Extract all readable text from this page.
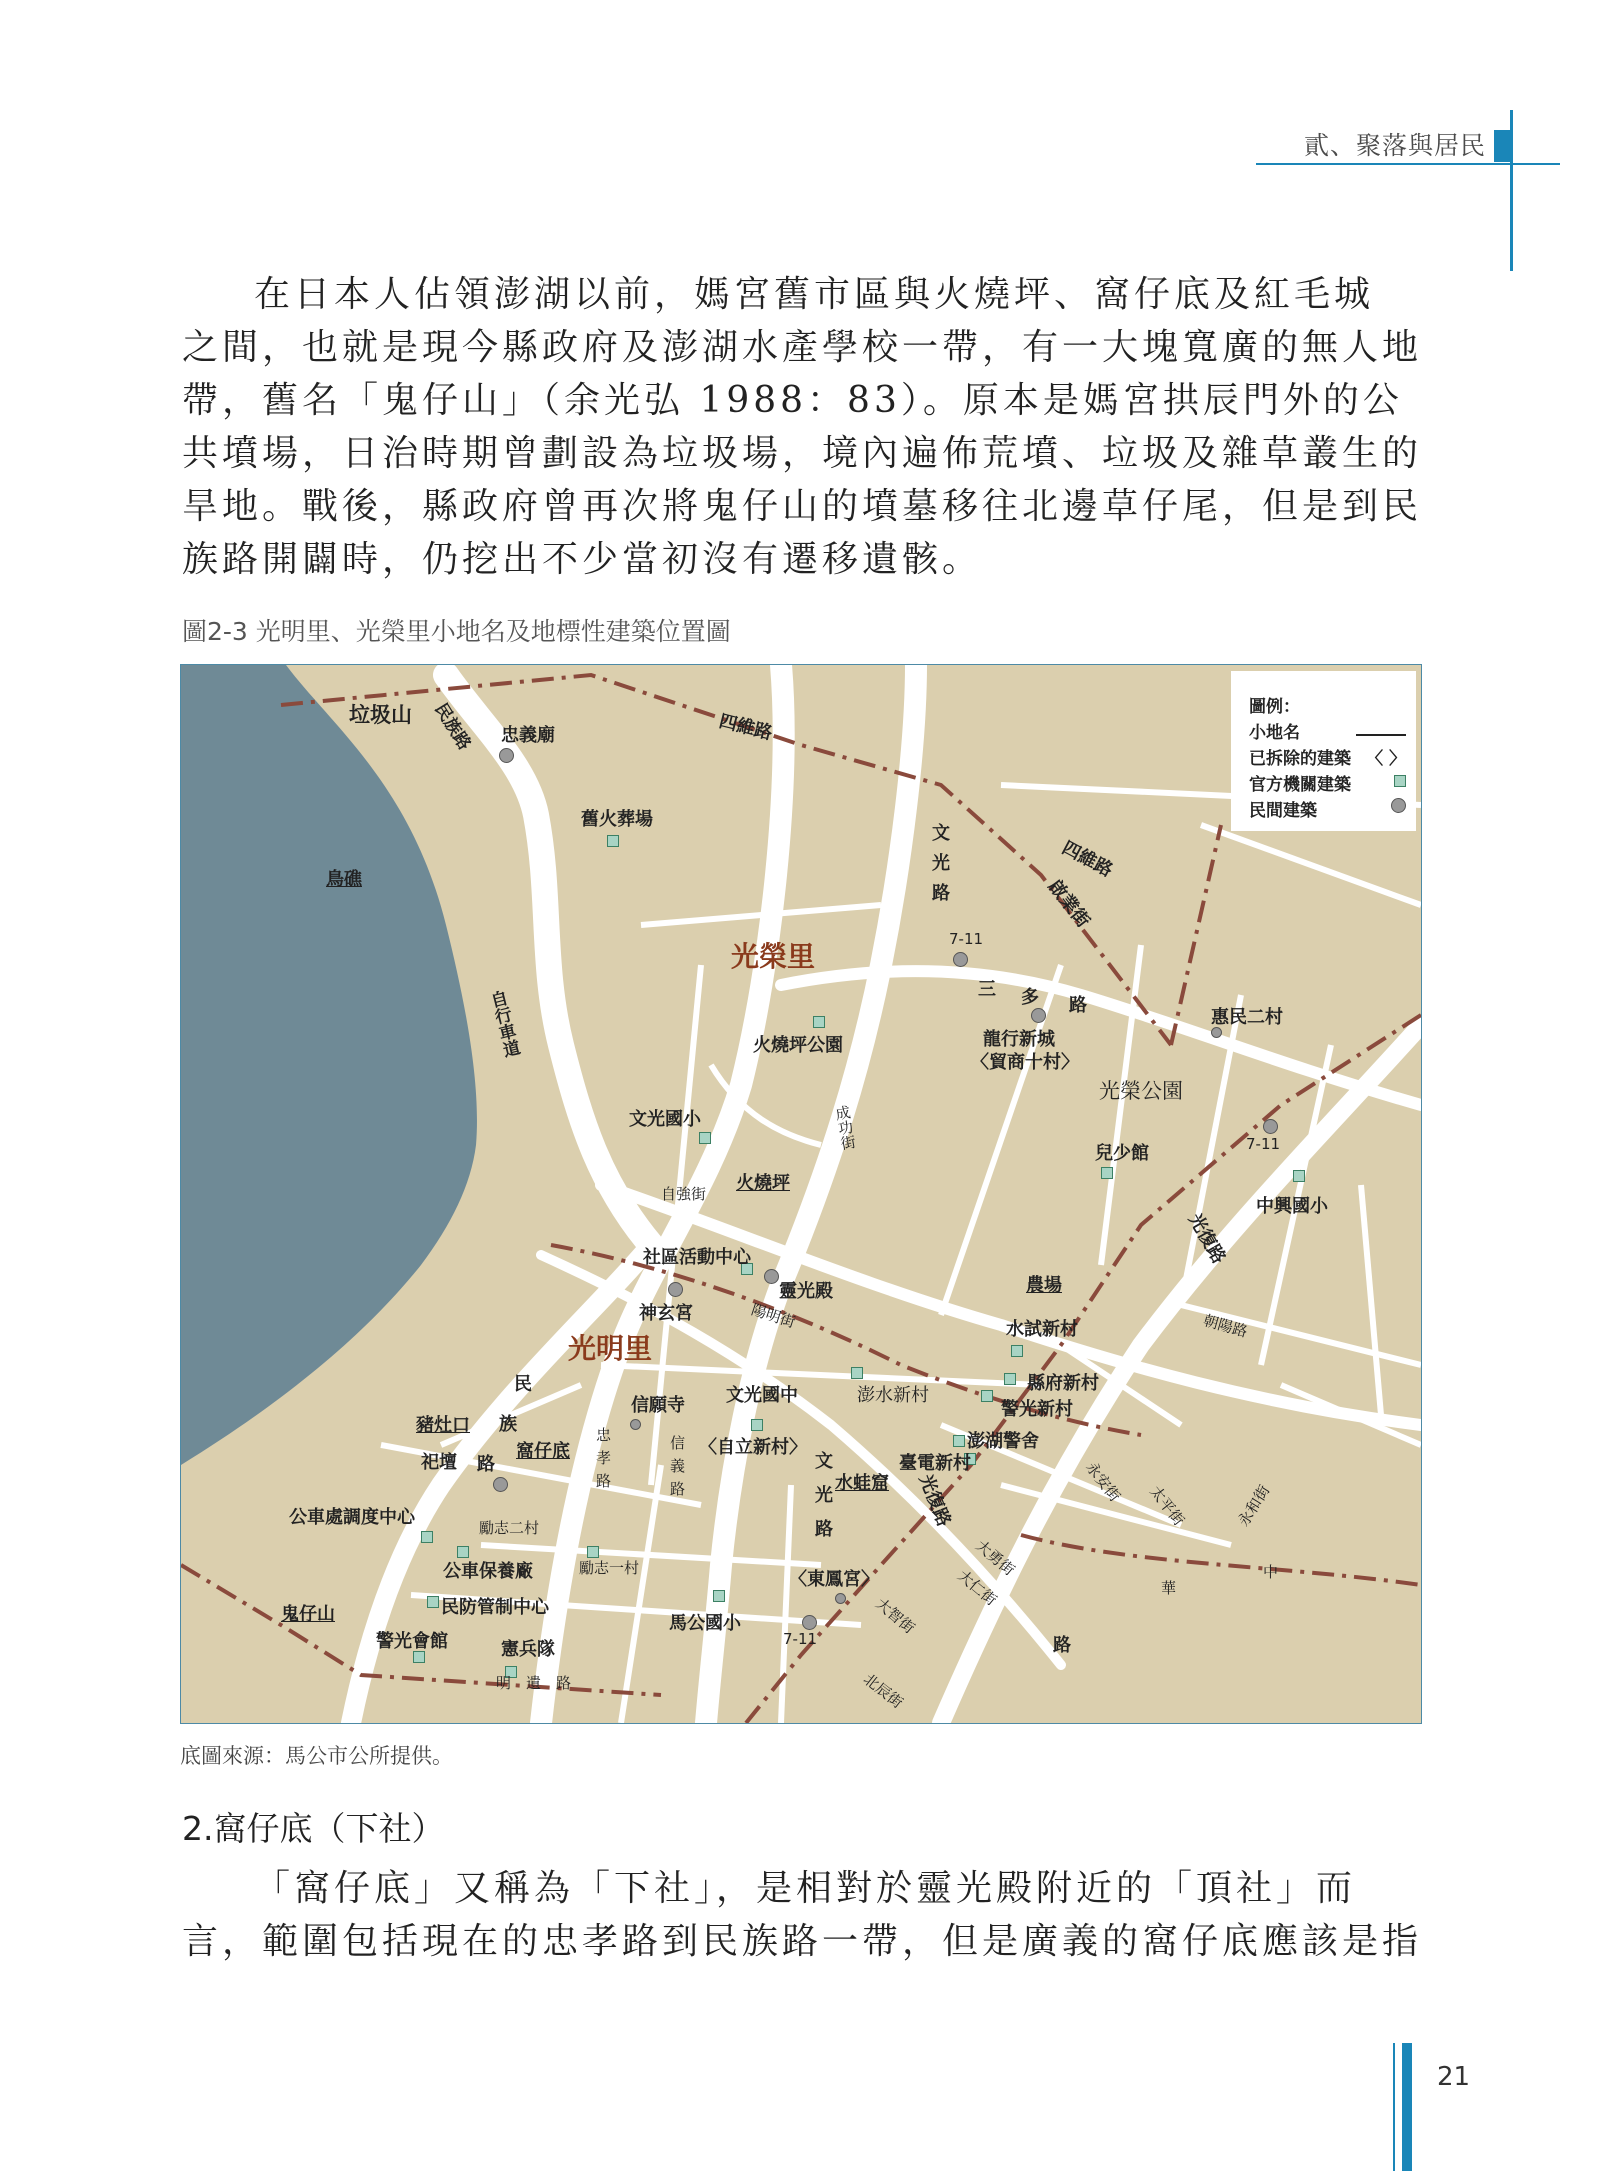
貳、聚落與居民

在日本人佔領澎湖以前，媽宮舊市區與火燒坪、窩仔底及紅毛城

之間，也就是現今縣政府及澎湖水產學校一帶，有一大塊寬廣的無人地

帶，舊名「鬼仔山」（余光弘 1988：83）。原本是媽宮拱辰門外的公

共墳場，日治時期曾劃設為垃圾場，境內遍佈荒墳、垃圾及雜草叢生的

旱地。戰後，縣政府曾再次將鬼仔山的墳墓移往北邊草仔尾，但是到民

族路開闢時，仍挖出不少當初沒有遷移遺骸。

圖2-3 光明里、光榮里小地名及地標性建築位置圖
圖例：
小地名
已拆除的建築 〈 〉
官方機關建築
民間建築
垃圾山 民族路 忠義廟	四維路
舊火葬場
鳥礁	文光路	四維路
啟業街
光榮里
7-11
三 多 路
惠民二村
自行車道	火燒坪公園	龍行新城
〈貿商十村〉
光榮公園
文光國小	成功街	7-11
兒少館
火燒坪
自強街
中興國小
光復路
社區活動中心
靈光殿
神玄宮	陽明街
農場
朝陽路
水試新村
光明里
民
族
路
信願寺 文光國中	澎水新村
縣府新村
警光新村
豬灶口
窩仔底 忠孝路	信義路 〈自立新村〉	澎湖警舍
臺電新村
祀壇
水蛙窟
文光路	光復路	永安街
太平街	永和街
公車處調度中心	勵志二村
大勇街	中
華
公車保養廠	勵志一村
〈東鳳宮〉	大仁街
路
鬼仔山	民防管制中心	大智街
馬公國小
警光會館	憲兵隊	7-11
明　遺　路	北辰街
底圖來源：馬公市公所提供。
2.窩仔底（下社）

「窩仔底」又稱為「下社」，是相對於靈光殿附近的「頂社」而

言，範圍包括現在的忠孝路到民族路一帶，但是廣義的窩仔底應該是指

21
